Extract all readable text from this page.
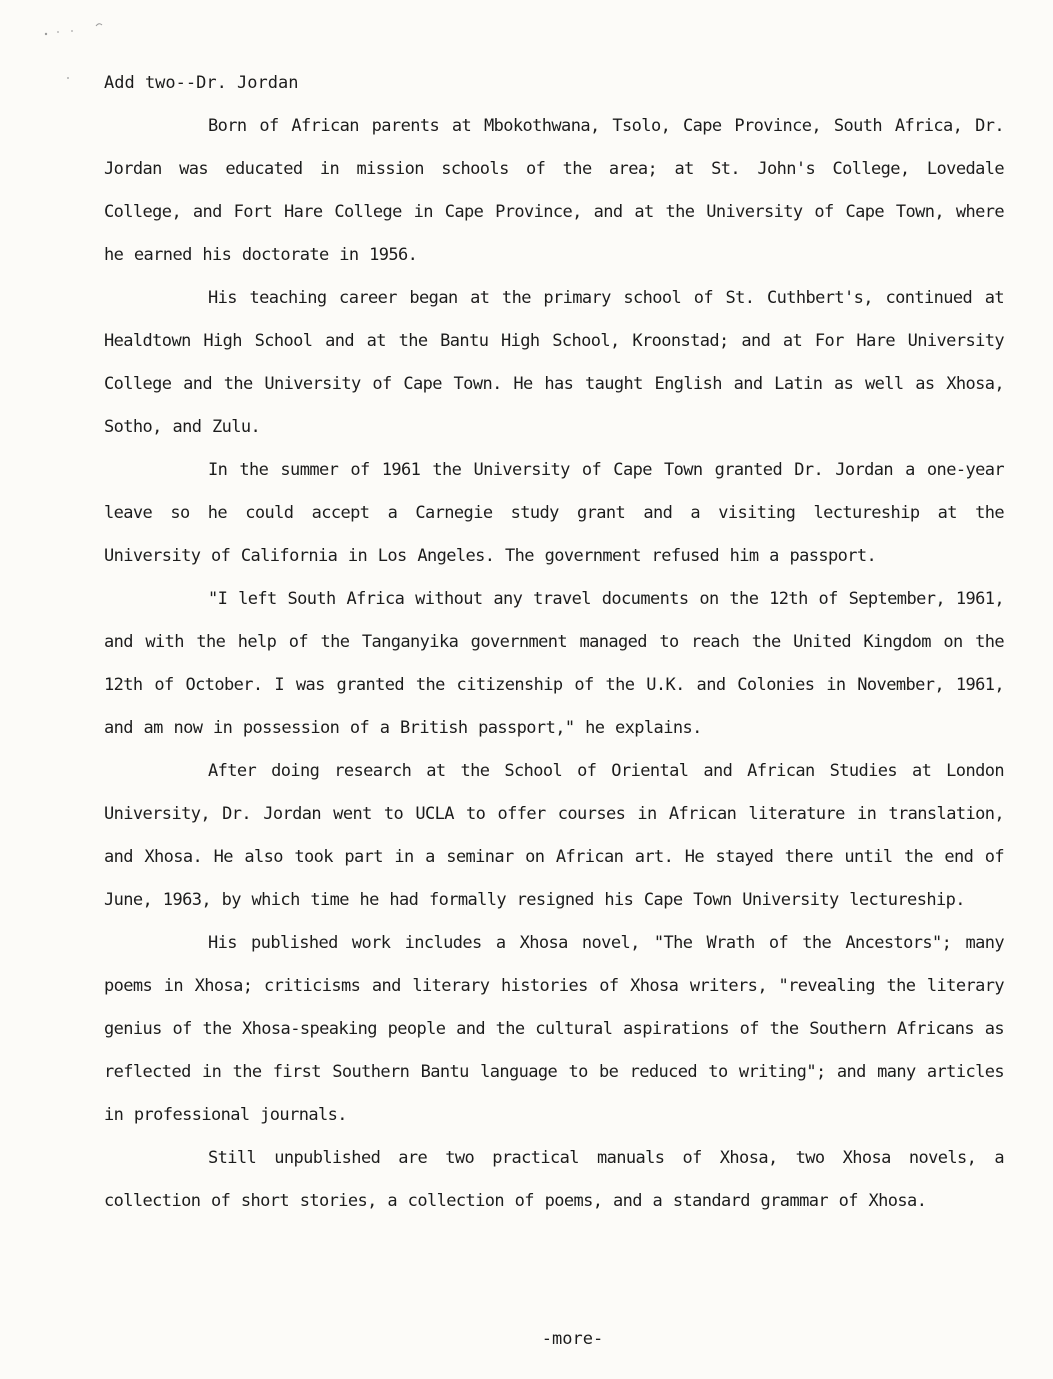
Add two--Dr. Jordan

Born of African parents at Mbokothwana, Tsolo, Cape Province, South Africa, Dr. Jordan was educated in mission schools of the area; at St. John's College, Lovedale College, and Fort Hare College in Cape Province, and at the University of Cape Town, where he earned his doctorate in 1956.

His teaching career began at the primary school of St. Cuthbert's, continued at Healdtown High School and at the Bantu High School, Kroonstad; and at For Hare University College and the University of Cape Town. He has taught English and Latin as well as Xhosa, Sotho, and Zulu.

In the summer of 1961 the University of Cape Town granted Dr. Jordan a one-year leave so he could accept a Carnegie study grant and a visiting lectureship at the University of California in Los Angeles. The government refused him a passport.

"I left South Africa without any travel documents on the 12th of September, 1961, and with the help of the Tanganyika government managed to reach the United Kingdom on the 12th of October. I was granted the citizenship of the U.K. and Colonies in November, 1961, and am now in possession of a British passport," he explains.

After doing research at the School of Oriental and African Studies at London University, Dr. Jordan went to UCLA to offer courses in African literature in translation, and Xhosa. He also took part in a seminar on African art. He stayed there until the end of June, 1963, by which time he had formally resigned his Cape Town University lectureship.

His published work includes a Xhosa novel, "The Wrath of the Ancestors"; many poems in Xhosa; criticisms and literary histories of Xhosa writers, "revealing the literary genius of the Xhosa-speaking people and the cultural aspirations of the Southern Africans as reflected in the first Southern Bantu language to be reduced to writing"; and many articles in professional journals.

Still unpublished are two practical manuals of Xhosa, two Xhosa novels, a collection of short stories, a collection of poems, and a standard grammar of Xhosa.

-more-
